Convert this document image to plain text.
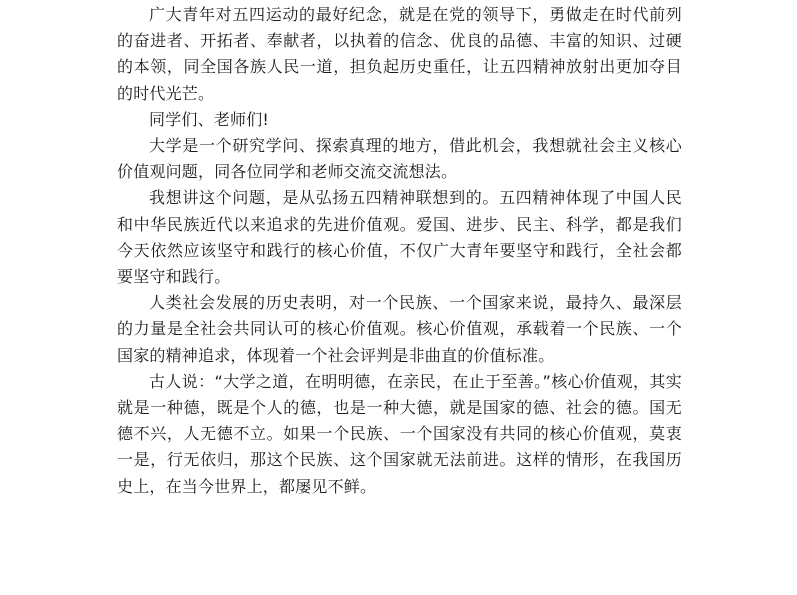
广大青年对五四运动的最好纪念，就是在党的领导下，勇做走在时代前列的奋进者、开拓者、奉献者，以执着的信念、优良的品德、丰富的知识、过硬的本领，同全国各族人民一道，担负起历史重任，让五四精神放射出更加夺目的时代光芒。

同学们、老师们!

大学是一个研究学问、探索真理的地方，借此机会，我想就社会主义核心价值观问题，同各位同学和老师交流交流想法。

我想讲这个问题，是从弘扬五四精神联想到的。五四精神体现了中国人民和中华民族近代以来追求的先进价值观。爱国、进步、民主、科学，都是我们今天依然应该坚守和践行的核心价值，不仅广大青年要坚守和践行，全社会都要坚守和践行。

人类社会发展的历史表明，对一个民族、一个国家来说，最持久、最深层的力量是全社会共同认可的核心价值观。核心价值观，承载着一个民族、一个国家的精神追求，体现着一个社会评判是非曲直的价值标准。

古人说：“大学之道，在明明德，在亲民，在止于至善。”核心价值观，其实就是一种德，既是个人的德，也是一种大德，就是国家的德、社会的德。国无德不兴，人无德不立。如果一个民族、一个国家没有共同的核心价值观，莫衷一是，行无依归，那这个民族、这个国家就无法前进。这样的情形，在我国历史上，在当今世界上，都屡见不鲜。
